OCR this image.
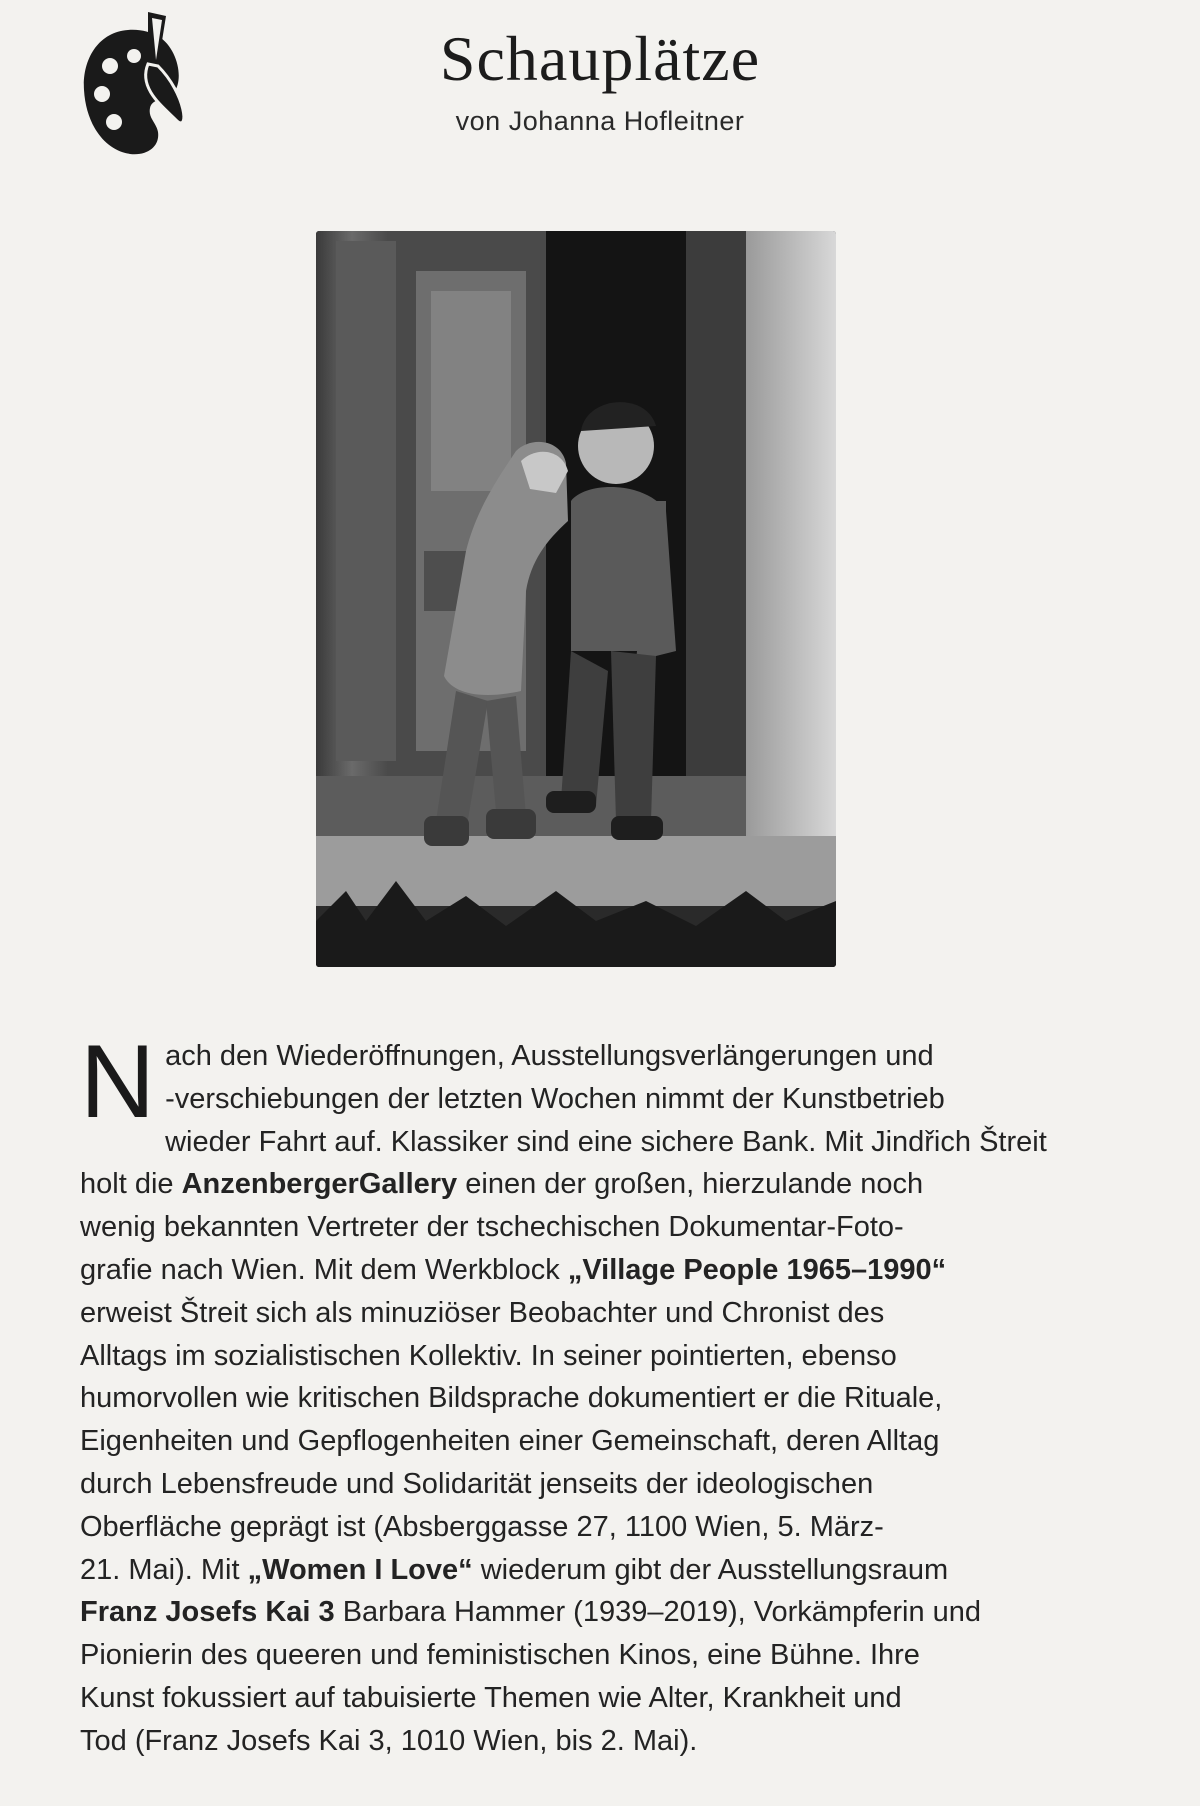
Schauplätze
von Johanna Hofleitner
N ach den Wiederöffnungen, Ausstellungsverlängerungen und
-verschiebungen der letzten Wochen nimmt der Kunstbetrieb
wieder Fahrt auf. Klassiker sind eine sichere Bank. Mit Jindřich Štreit
holt die AnzenbergerGallery einen der großen, hierzulande noch
wenig bekannten Vertreter der tschechischen Dokumentar-Foto-
grafie nach Wien. Mit dem Werkblock „Village People 1965–1990“
erweist Štreit sich als minuziöser Beobachter und Chronist des
Alltags im sozialistischen Kollektiv. In seiner pointierten, ebenso
humorvollen wie kritischen Bildsprache dokumentiert er die Rituale,
Eigenheiten und Gepflogenheiten einer Gemeinschaft, deren Alltag
durch Lebensfreude und Solidarität jenseits der ideologischen
Oberfläche geprägt ist (Absberggasse 27, 1100 Wien, 5. März-
21. Mai). Mit „Women I Love“ wiederum gibt der Ausstellungsraum
Franz Josefs Kai 3 Barbara Hammer (1939–2019), Vorkämpferin und
Pionierin des queeren und feministischen Kinos, eine Bühne. Ihre
Kunst fokussiert auf tabuisierte Themen wie Alter, Krankheit und
Tod (Franz Josefs Kai 3, 1010 Wien, bis 2. Mai).
